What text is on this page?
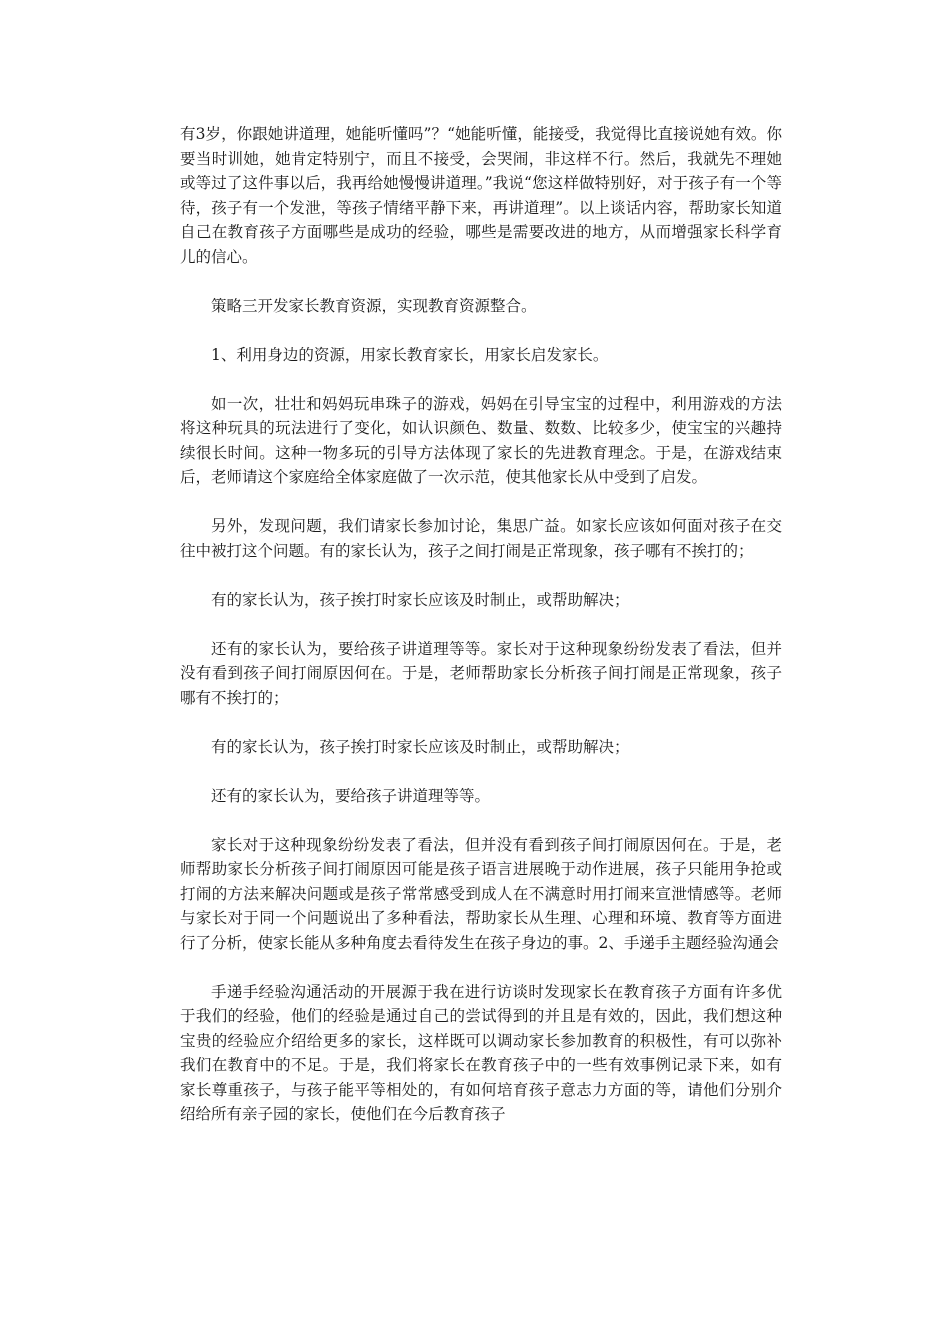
有3岁，你跟她讲道理，她能听懂吗”？“她能听懂，能接受，我觉得比直接说她有效。你要当时训她，她肯定特别宁，而且不接受，会哭闹，非这样不行。然后，我就先不理她或等过了这件事以后，我再给她慢慢讲道理。”我说“您这样做特别好，对于孩子有一个等待，孩子有一个发泄，等孩子情绪平静下来，再讲道理”。以上谈话内容，帮助家长知道自己在教育孩子方面哪些是成功的经验，哪些是需要改进的地方，从而增强家长科学育儿的信心。

策略三开发家长教育资源，实现教育资源整合。

1、利用身边的资源，用家长教育家长，用家长启发家长。

如一次，壮壮和妈妈玩串珠子的游戏，妈妈在引导宝宝的过程中，利用游戏的方法将这种玩具的玩法进行了变化，如认识颜色、数量、数数、比较多少，使宝宝的兴趣持续很长时间。这种一物多玩的引导方法体现了家长的先进教育理念。于是，在游戏结束后，老师请这个家庭给全体家庭做了一次示范，使其他家长从中受到了启发。

另外，发现问题，我们请家长参加讨论，集思广益。如家长应该如何面对孩子在交往中被打这个问题。有的家长认为，孩子之间打闹是正常现象，孩子哪有不挨打的；

有的家长认为，孩子挨打时家长应该及时制止，或帮助解决；

还有的家长认为，要给孩子讲道理等等。家长对于这种现象纷纷发表了看法，但并没有看到孩子间打闹原因何在。于是，老师帮助家长分析孩子间打闹是正常现象，孩子哪有不挨打的；

有的家长认为，孩子挨打时家长应该及时制止，或帮助解决；

还有的家长认为，要给孩子讲道理等等。

家长对于这种现象纷纷发表了看法，但并没有看到孩子间打闹原因何在。于是，老师帮助家长分析孩子间打闹原因可能是孩子语言进展晚于动作进展，孩子只能用争抢或打闹的方法来解决问题或是孩子常常感受到成人在不满意时用打闹来宣泄情感等。老师与家长对于同一个问题说出了多种看法，帮助家长从生理、心理和环境、教育等方面进行了分析，使家长能从多种角度去看待发生在孩子身边的事。2、手递手主题经验沟通会

手递手经验沟通活动的开展源于我在进行访谈时发现家长在教育孩子方面有许多优于我们的经验，他们的经验是通过自己的尝试得到的并且是有效的，因此，我们想这种宝贵的经验应介绍给更多的家长，这样既可以调动家长参加教育的积极性，有可以弥补我们在教育中的不足。于是，我们将家长在教育孩子中的一些有效事例记录下来，如有家长尊重孩子，与孩子能平等相处的，有如何培育孩子意志力方面的等，请他们分别介绍给所有亲子园的家长，使他们在今后教育孩子
